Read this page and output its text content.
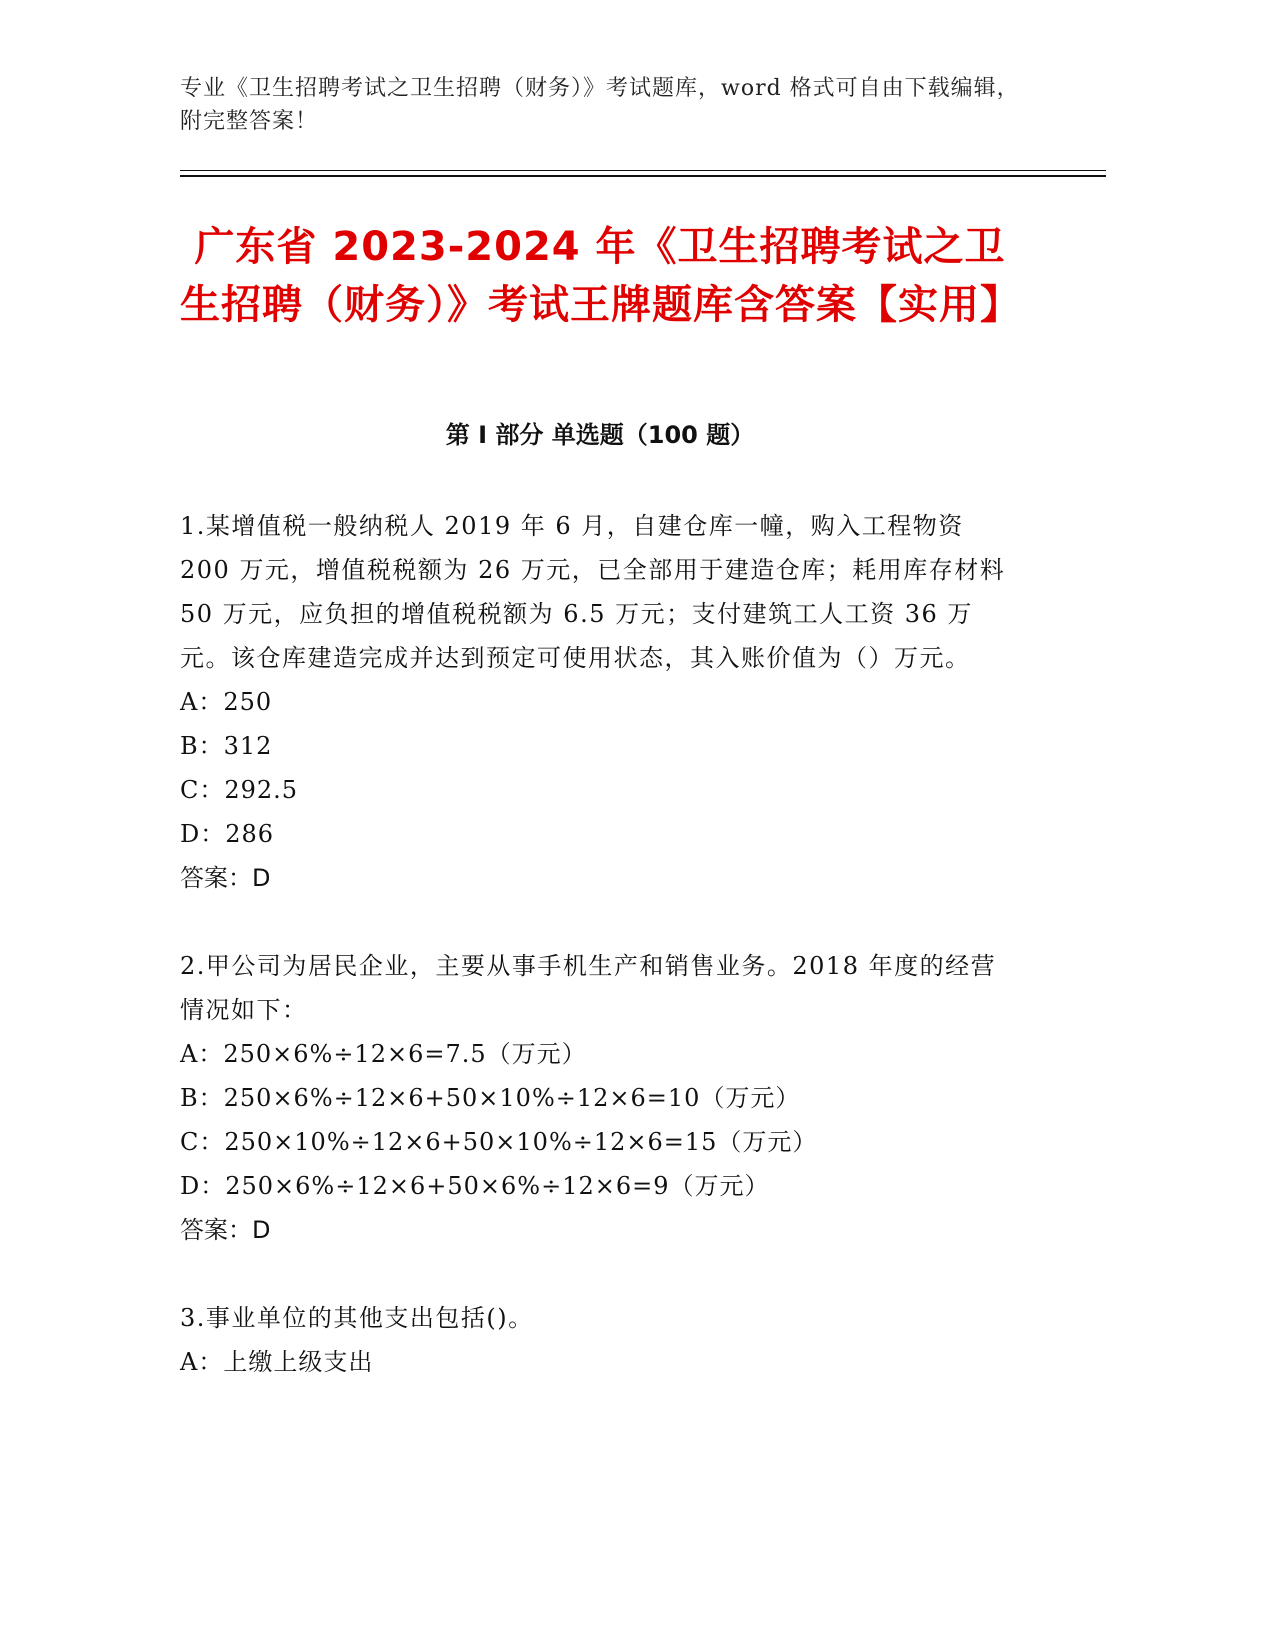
专业《卫生招聘考试之卫生招聘（财务）》考试题库，word 格式可自由下载编辑，附完整答案！
广东省 2023-2024 年《卫生招聘考试之卫生招聘（财务）》考试王牌题库含答案【实用】
第 I 部分 单选题（100 题）

1.某增值税一般纳税人 2019 年 6 月，自建仓库一幢，购入工程物资 200 万元，增值税税额为 26 万元，已全部用于建造仓库；耗用库存材料 50 万元，应负担的增值税税额为 6.5 万元；支付建筑工人工资 36 万元。该仓库建造完成并达到预定可使用状态，其入账价值为（）万元。

A：250

B：312

C：292.5

D：286

答案：D

2.甲公司为居民企业，主要从事手机生产和销售业务。2018 年度的经营情况如下：

A：250×6%÷12×6=7.5（万元）

B：250×6%÷12×6+50×10%÷12×6=10（万元）

C：250×10%÷12×6+50×10%÷12×6=15（万元）

D：250×6%÷12×6+50×6%÷12×6=9（万元）

答案：D

3.事业单位的其他支出包括()。

A：上缴上级支出
